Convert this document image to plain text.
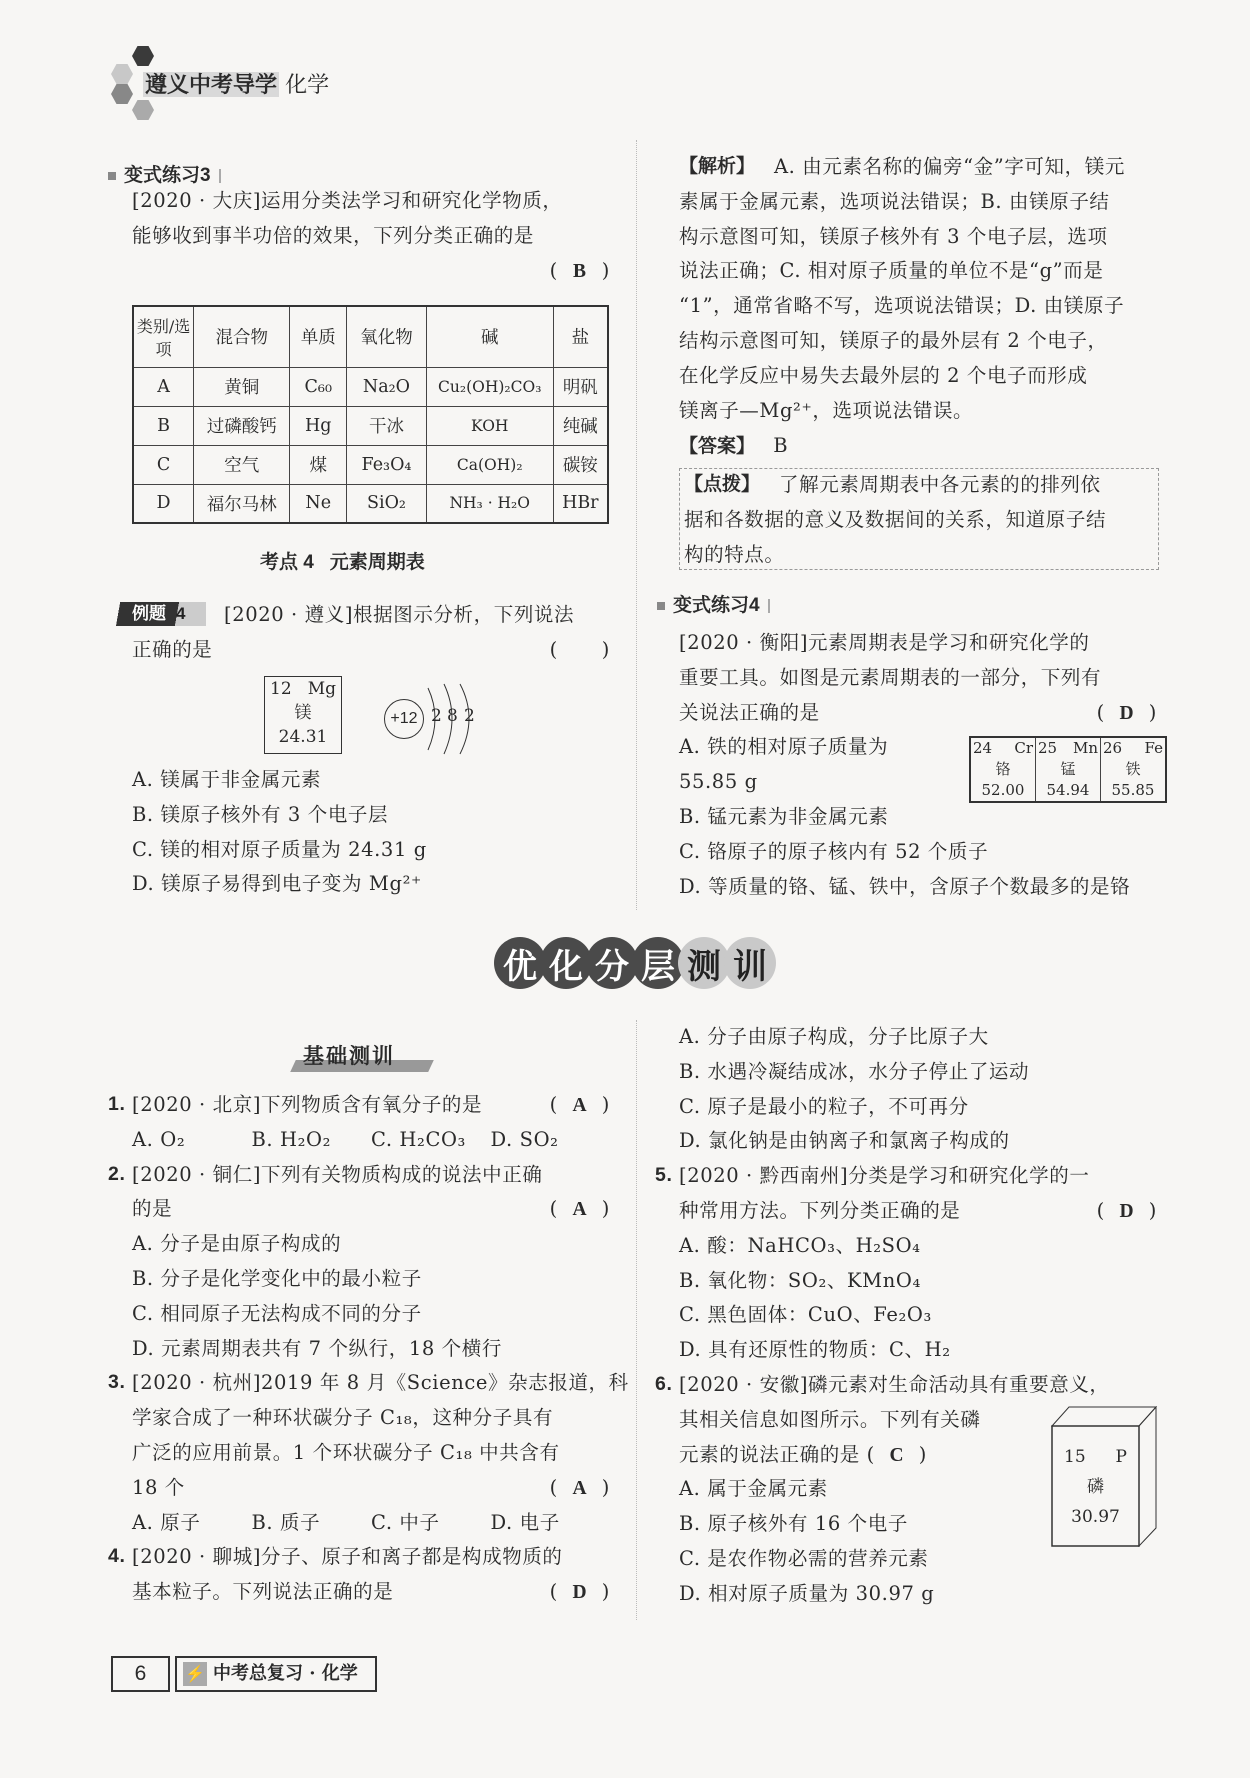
遵义中考导学 化学
变式练习3
[2020 · 大庆]运用分类法学习和研究化学物质，
能够收到事半功倍的效果，下列分类正确的是
( B )
类别/选项	混合物	单质	氧化物	碱	盐
A	黄铜	C₆₀	Na₂O	Cu₂(OH)₂CO₃	明矾
B	过磷酸钙	Hg	干冰	KOH	纯碱
C	空气	煤	Fe₃O₄	Ca(OH)₂	碳铵
D	福尔马林	Ne	SiO₂	NH₃ · H₂O	HBr
考点 4 元素周期表
例题 4	[2020 · 遵义]根据图示分析，下列说法
正确的是	( )
12 Mg
镁
24.31
+12 2 8 2
A. 镁属于非金属元素
B. 镁原子核外有 3 个电子层
C. 镁的相对原子质量为 24.31 g
D. 镁原子易得到电子变为 Mg²⁺
【解析】 A. 由元素名称的偏旁“金”字可知，镁元
素属于金属元素，选项说法错误；B. 由镁原子结
构示意图可知，镁原子核外有 3 个电子层，选项
说法正确；C. 相对原子质量的单位不是“g”而是
“1”，通常省略不写，选项说法错误；D. 由镁原子
结构示意图可知，镁原子的最外层有 2 个电子，
在化学反应中易失去最外层的 2 个电子而形成
镁离子—Mg²⁺，选项说法错误。
【答案】 B
【点拨】 了解元素周期表中各元素的的排列依
据和各数据的意义及数据间的关系，知道原子结
构的特点。
变式练习4
[2020 · 衡阳]元素周期表是学习和研究化学的
重要工具。如图是元素周期表的一部分，下列有
关说法正确的是	( D )
A. 铁的相对原子质量为
55.85 g
B. 锰元素为非金属元素
C. 铬原子的原子核内有 52 个质子
D. 等质量的铬、锰、铁中，含原子个数最多的是铬
24 Cr
铬
52.00

25 Mn
锰
54.94

26 Fe
铁
55.85
优 化 分 层 测 训
基础测训
1. [2020 · 北京]下列物质含有氧分子的是	( A )
A. O₂	B. H₂O₂	C. H₂CO₃	D. SO₂
2. [2020 · 铜仁]下列有关物质构成的说法中正确
的是	( A )
A. 分子是由原子构成的
B. 分子是化学变化中的最小粒子
C. 相同原子无法构成不同的分子
D. 元素周期表共有 7 个纵行，18 个横行
3. [2020 · 杭州]2019 年 8 月《Science》杂志报道，科
学家合成了一种环状碳分子 C₁₈，这种分子具有
广泛的应用前景。1 个环状碳分子 C₁₈ 中共含有
18 个	( A )
A. 原子	B. 质子	C. 中子	D. 电子
4. [2020 · 聊城]分子、原子和离子都是构成物质的
基本粒子。下列说法正确的是	( D )
A. 分子由原子构成，分子比原子大
B. 水遇冷凝结成冰，水分子停止了运动
C. 原子是最小的粒子，不可再分
D. 氯化钠是由钠离子和氯离子构成的
5. [2020 · 黔西南州]分类是学习和研究化学的一
种常用方法。下列分类正确的是	( D )
A. 酸：NaHCO₃、H₂SO₄
B. 氧化物：SO₂、KMnO₄
C. 黑色固体：CuO、Fe₂O₃
D. 具有还原性的物质：C、H₂
6. [2020 · 安徽]磷元素对生命活动具有重要意义，
其相关信息如图所示。下列有关磷
元素的说法正确的是 ( C )
A. 属于金属元素
B. 原子核外有 16 个电子
C. 是农作物必需的营养元素
D. 相对原子质量为 30.97 g
15 P
磷
30.97
6	⚡ 中考总复习 · 化学
